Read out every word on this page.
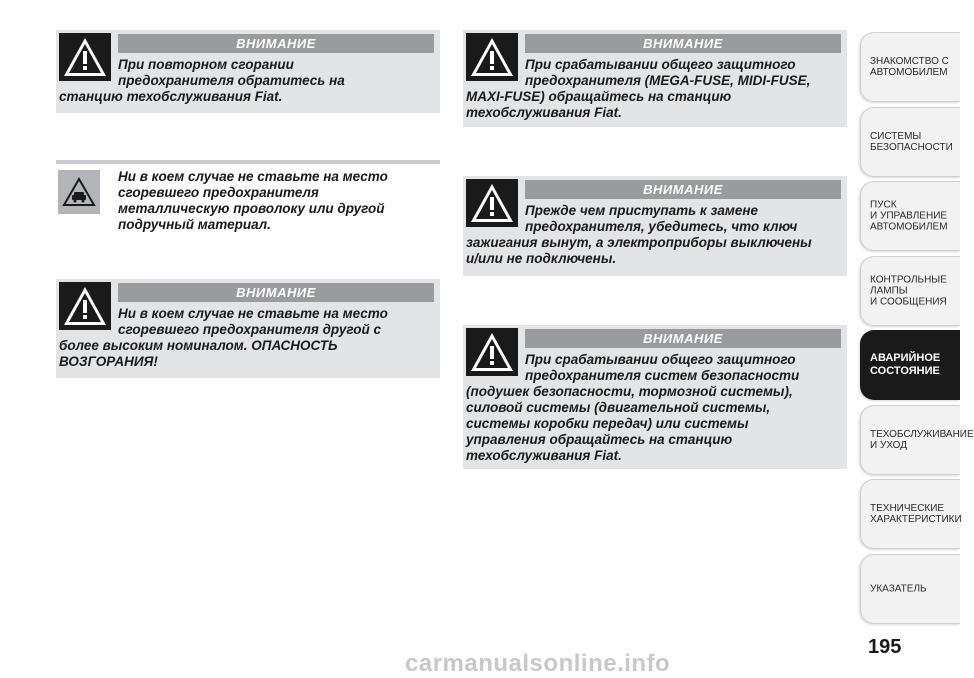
ВНИМАНИЕ
При повторном сгорании
предохранителя обратитесь на
станцию техобслуживания Fiat.
Ни в коем случае не ставьте на место
сгоревшего предохранителя
металлическую проволоку или другой
подручный материал.
ВНИМАНИЕ
Ни в коем случае не ставьте на место
сгоревшего предохранителя другой с
более высоким номиналом. ОПАСНОСТЬ
ВОЗГОРАНИЯ!
ВНИМАНИЕ
При срабатывании общего защитного
предохранителя (MEGA-FUSE, MIDI-FUSE,
MAXI-FUSE) обращайтесь на станцию
техобслуживания Fiat.
ВНИМАНИЕ
Прежде чем приступать к замене
предохранителя, убедитесь, что ключ
зажигания вынут, а электроприборы выключены
и/или не подключены.
ВНИМАНИЕ
При срабатывании общего защитного
предохранителя систем безопасности
(подушек безопасности, тормозной системы),
силовой системы (двигательной системы,
системы коробки передач) или системы
управления обращайтесь на станцию
техобслуживания Fiat.
ЗНАКОМСТВО С
АВТОМОБИЛЕМ
СИСТЕМЫ
БЕЗОПАСНОСТИ
ПУСК
И УПРАВЛЕНИЕ
АВТОМОБИЛЕМ
КОНТРОЛЬНЫЕ
ЛАМПЫ
И СООБЩЕНИЯ
АВАРИЙНОЕ
СОСТОЯНИЕ
ТЕХОБСЛУЖИВАНИЕ
И УХОД
ТЕХНИЧЕСКИЕ
ХАРАКТЕРИСТИКИ
УКАЗАТЕЛЬ
195
carmanualsonline.info
